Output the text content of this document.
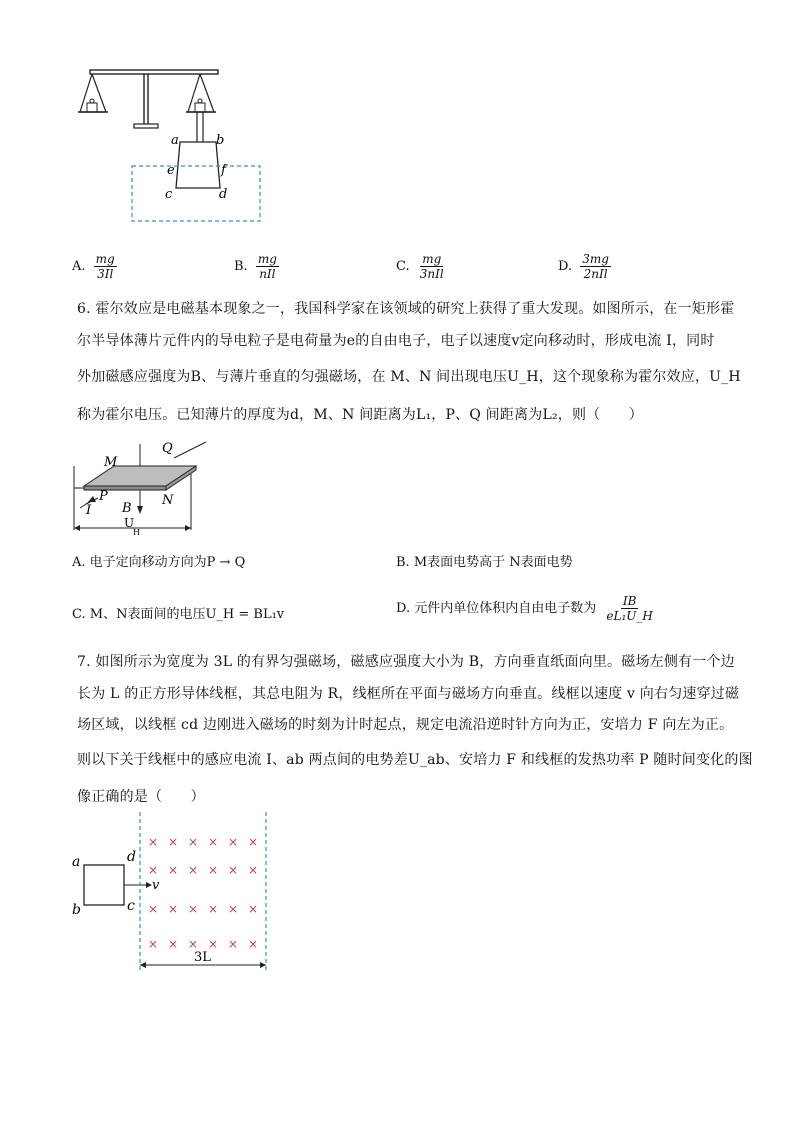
a	b
e	f
c	d
A. $\frac{mg}{3Il}$	B. $\frac{mg}{\text{nIl}}$	C. $\frac{mg}{\text{3nIl}}$	D. $\frac{3mg}{\text{2nIl}}$
6. 霍尔效应是电磁基本现象之一，我国科学家在该领域的研究上获得了重大发现。如图所示，在一矩形霍
尔半导体薄片元件内的导电粒子是电荷量为e的自由电子，电子以速度v定向移动时，形成电流 I，同时
外加磁感应强度为B、与薄片垂直的匀强磁场，在 M、N 间出现电压U_H，这个现象称为霍尔效应，U_H
称为霍尔电压。已知薄片的厚度为d，M、N 间距离为L₁，P、Q 间距离为L₂，则（　　）
M
Q
N
P
I B
U
H
A. 电子定向移动方向为P → Q	B. M表面电势高于 N表面电势
C. M、N表面间的电压U_H = BL₁v	D. 元件内单位体积内自由电子数为 $\frac{IB}{\text{eL₁U\_H}}$
7. 如图所示为宽度为 3L 的有界匀强磁场，磁感应强度大小为 B，方向垂直纸面向里。磁场左侧有一个边
长为 L 的正方形导体线框，其总电阻为 R，线框所在平面与磁场方向垂直。线框以速度 v 向右匀速穿过磁
场区域，以线框 cd 边刚进入磁场的时刻为计时起点，规定电流沿逆时针方向为正，安培力 F 向左为正。
则以下关于线框中的感应电流 I、ab 两点间的电势差U_ab、安培力 F 和线框的发热功率 P 随时间变化的图
像正确的是（　　）
× × × × × ×
× × × × × ×
× × × × × ×
× × × × × ×
a
b	c
d
v
3L
